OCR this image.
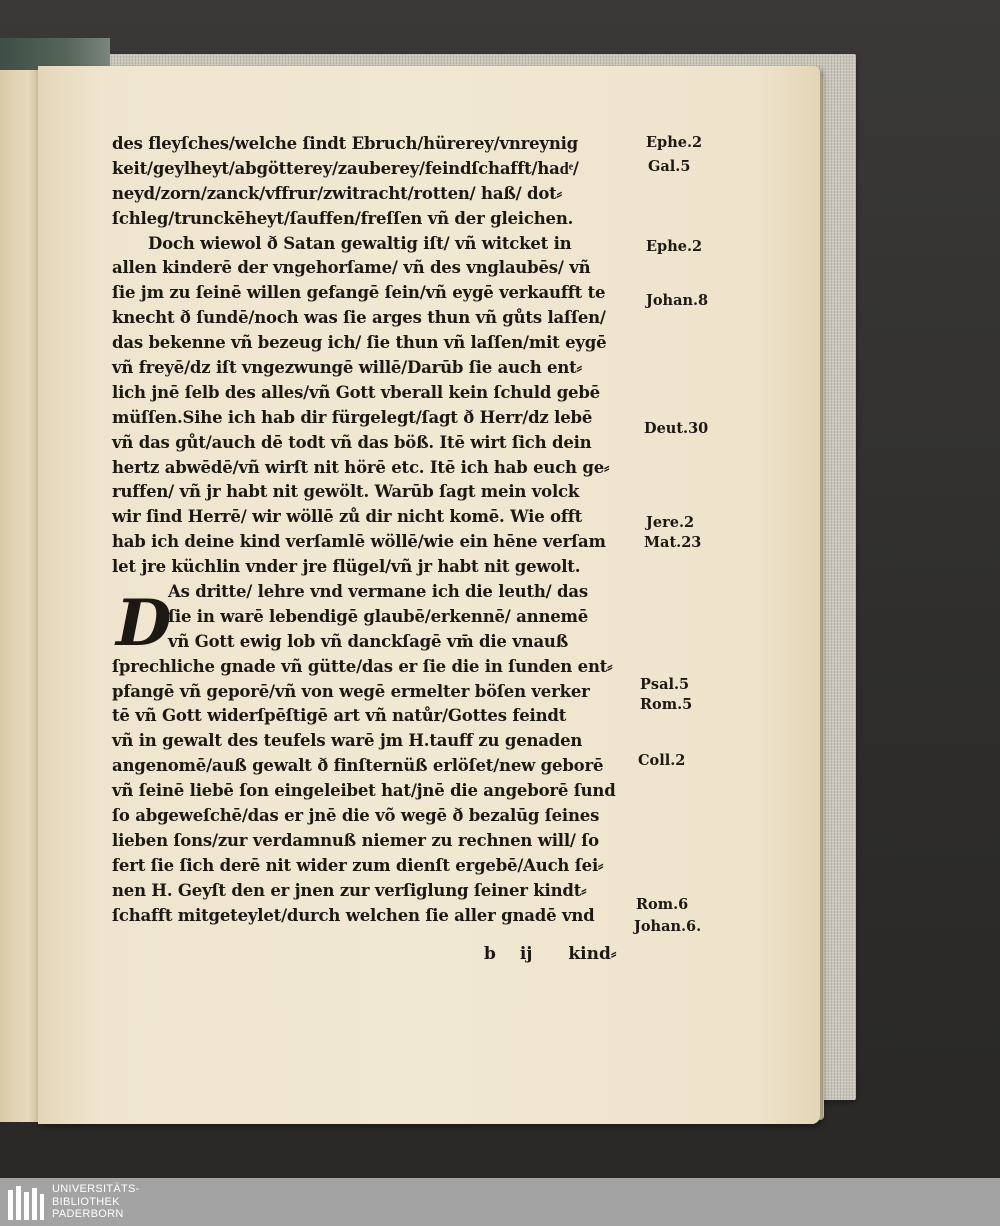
D
des fleyſches/welche ſindt Ebruch/hürerey/vnreynig
keit/geylheyt/abgötterey/zauberey/feindſchafft/hadͤ/
neyd/zorn/zanck/vffrur/zwitracht/rotten/ haß/ dot⸗
ſchleg/trunckēheyt/ſauffen/freſſen vñ der gleichen.
Doch wiewol ð Satan gewaltig iſt/ vñ witcket in
allen kinderē der vngehorſame/ vñ des vnglaubēs/ vñ
ſie jm zu ſeinē willen gefangē ſein/vñ eygē verkaufft te
knecht ð ſundē/noch was ſie arges thun vñ gůts laſſen/
das bekenne vñ bezeug ich/ ſie thun vñ laſſen/mit eygē
vñ freyē/dz iſt vngezwungē willē/Darūb ſie auch ent⸗
lich jnē ſelb des alles/vñ Gott vberall kein ſchuld gebē
müſſen.Sihe ich hab dir fürgelegt/ſagt ð Herr/dz lebē
vñ das gůt/auch dē todt vñ das böß. Itē wirt ſich dein
hertz abwēdē/vñ wirſt nit hörē etc. Itē ich hab euch ge⸗
ruffen/ vñ jr habt nit gewölt. Warūb ſagt mein volck
wir ſind Herrē/ wir wöllē zů dir nicht komē. Wie offt
hab ich deine kind verſamlē wöllē/wie ein hēne verſam
let jre küchlin vnder jre flügel/vñ jr habt nit gewolt.
As dritte/ lehre vnd vermane ich die leuth/ das
ſie in warē lebendigē glaubē/erkennē/ annemē
vñ Gott ewig lob vñ danckſagē vm̄ die vnauß
ſprechliche gnade vñ gütte/das er ſie die in ſunden ent⸗
pfangē vñ geporē/vñ von wegē ermelter böſen verker
tē vñ Gott widerſpēſtigē art vñ natůr/Gottes feindt
vñ in gewalt des teufels warē jm H.tauff zu genaden
angenomē/auß gewalt ð finſternüß erlöſet/new geborē
vñ ſeinē liebē ſon eingeleibet hat/jnē die angeborē ſund
ſo abgeweſchē/das er jnē die võ wegē ð bezalūg ſeines
lieben ſons/zur verdamnuß niemer zu rechnen will/ ſo
fert ſie ſich derē nit wider zum dienſt ergebē/Auch ſei⸗
nen H. Geyſt den er jnen zur verſiglung ſeiner kindt⸗
ſchafft mitgeteylet/durch welchen ſie aller gnadē vnd
Ephe.2
Gal.5
Ephe.2
Johan.8
Deut.30
Jere.2
Mat.23
Psal.5
Rom.5
Coll.2
Rom.6
Johan.6.
b ij kind⸗
UNIVERSITÄTS-
BIBLIOTHEK
PADERBORN
